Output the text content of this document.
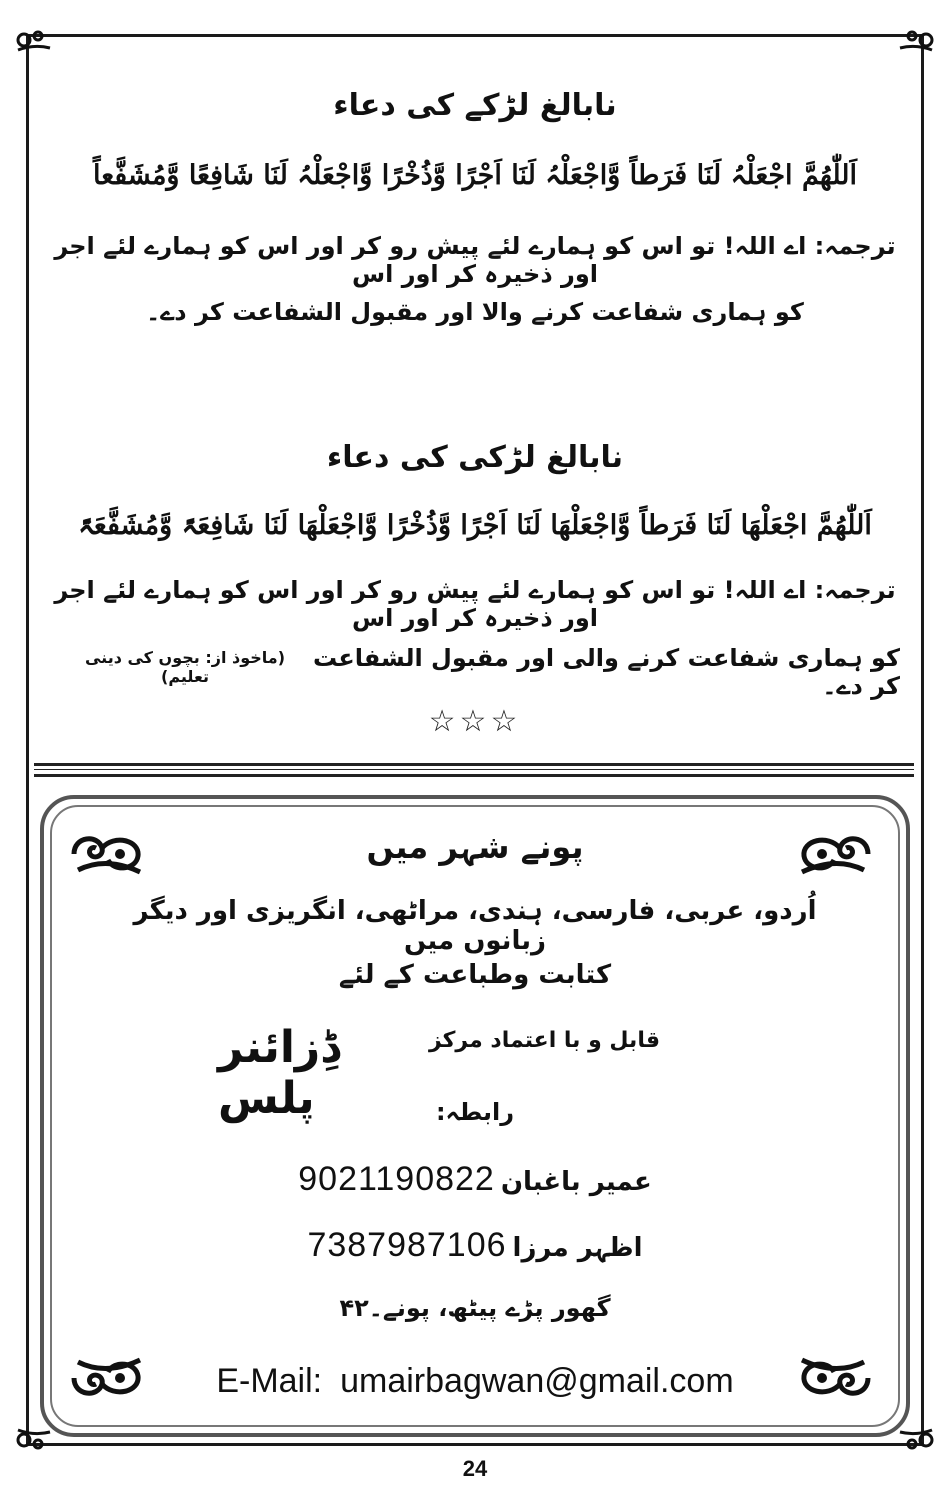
نابالغ لڑکے کی دعاء
اَللّٰھُمَّ اجْعَلْہُ لَنَا فَرَطاً وَّاجْعَلْہُ لَنَا اَجْرًا وَّذُخْرًا وَّاجْعَلْہُ لَنَا شَافِعًا وَّمُشَفَّعاً
ترجمہ: اے اللہ! تو اس کو ہمارے لئے پیش رو کر اور اس کو ہمارے لئے اجر اور ذخیرہ کر اور اس
کو ہماری شفاعت کرنے والا اور مقبول الشفاعت کر دے۔
نابالغ لڑکی کی دعاء
اَللّٰھُمَّ اجْعَلْھَا لَنَا فَرَطاً وَّاجْعَلْھَا لَنَا اَجْرًا وَّذُخْرًا وَّاجْعَلْھَا لَنَا شَافِعَۃً وَّمُشَفَّعَۃً
ترجمہ: اے اللہ! تو اس کو ہمارے لئے پیش رو کر اور اس کو ہمارے لئے اجر اور ذخیرہ کر اور اس
کو ہماری شفاعت کرنے والی اور مقبول الشفاعت کر دے۔
(ماخوذ از: بچوں کی دینی تعلیم)
☆☆☆
پونے شہر میں
اُردو، عربی، فارسی، ہندی، مراٹھی، انگریزی اور دیگر زبانوں میں
کتابت وطباعت کے لئے
قابل و با اعتماد مرکز
ڈِزائنر پلس	رابطہ:
9021190822 عمیر باغبان
7387987106 اظہر مرزا
گھور پڑے پیٹھ، پونے۔۴۲
E-Mail: umairbagwan@gmail.com
24
